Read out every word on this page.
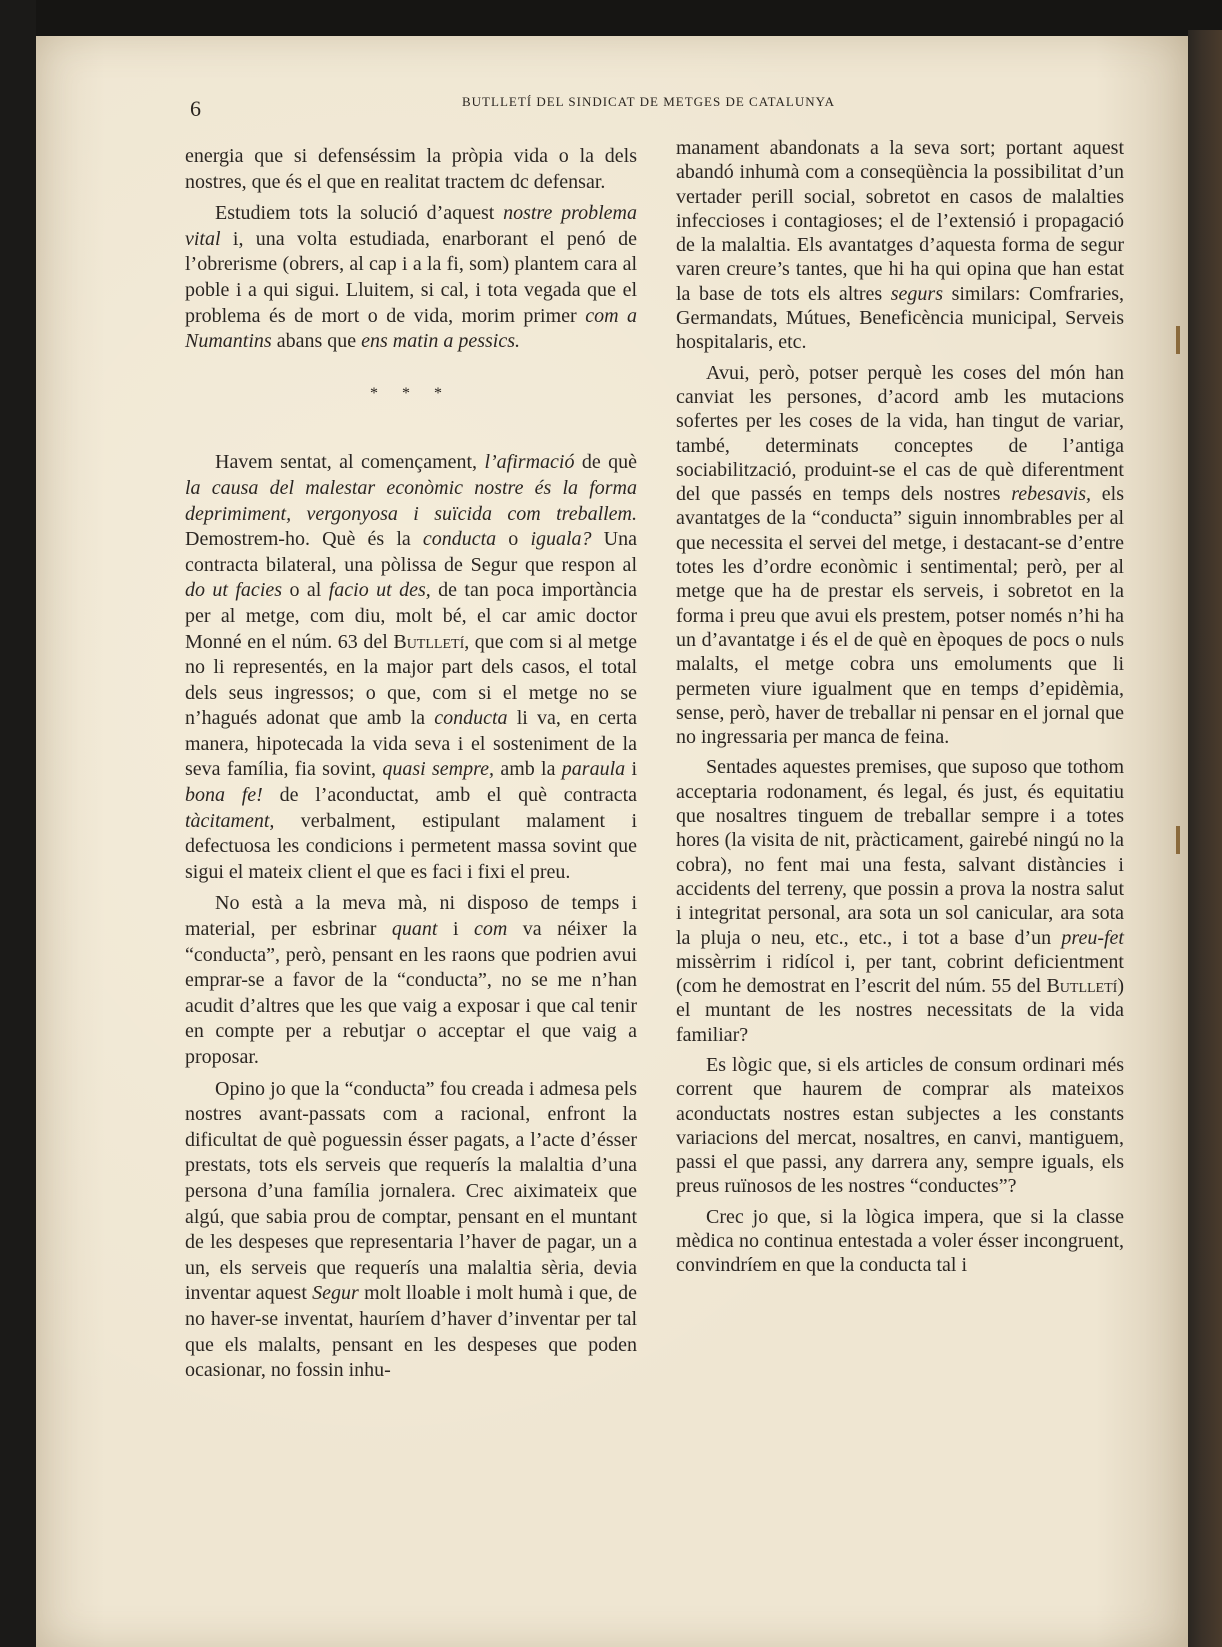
6	BUTLLETÍ DEL SINDICAT DE METGES DE CATALUNYA

energia que si defenséssim la pròpia vida o la dels nostres, que és el que en realitat tractem dc defensar.

Estudiem tots la solució d’aquest nostre problema vital i, una volta estudiada, enarborant el penó de l’obrerisme (obrers, al cap i a la fi, som) plantem cara al poble i a qui sigui. Lluitem, si cal, i tota vegada que el problema és de mort o de vida, morim primer com a Numantins abans que ens matin a pessics.

* * *

Havem sentat, al començament, l’afirmació de què la causa del malestar econòmic nostre és la forma deprimiment, vergonyosa i suïcida com treballem. Demostrem-ho. Què és la conducta o iguala? Una contracta bilateral, una pòlissa de Segur que respon al do ut facies o al facio ut des, de tan poca importància per al metge, com diu, molt bé, el car amic doctor Monné en el núm. 63 del Butlletí, que com si al metge no li representés, en la major part dels casos, el total dels seus ingressos; o que, com si el metge no se n’hagués adonat que amb la conducta li va, en certa manera, hipotecada la vida seva i el sosteniment de la seva família, fia sovint, quasi sempre, amb la paraula i bona fe! de l’aconductat, amb el què contracta tàcitament, verbalment, estipulant malament i defectuosa les condicions i permetent massa sovint que sigui el mateix client el que es faci i fixi el preu.

No està a la meva mà, ni disposo de temps i material, per esbrinar quant i com va néixer la “conducta”, però, pensant en les raons que podrien avui emprar-se a favor de la “conducta”, no se me n’han acudit d’altres que les que vaig a exposar i que cal tenir en compte per a rebutjar o acceptar el que vaig a proposar.

Opino jo que la “conducta” fou creada i admesa pels nostres avant-passats com a racional, enfront la dificultat de què poguessin ésser pagats, a l’acte d’ésser prestats, tots els serveis que requerís la malaltia d’una persona d’una família jornalera. Crec aiximateix que algú, que sabia prou de comptar, pensant en el muntant de les despeses que representaria l’haver de pagar, un a un, els serveis que requerís una malaltia sèria, devia inventar aquest Segur molt lloable i molt humà i que, de no haver-se inventat, hauríem d’haver d’inventar per tal que els malalts, pensant en les despeses que poden ocasionar, no fossin inhu-

manament abandonats a la seva sort; portant aquest abandó inhumà com a conseqüència la possibilitat d’un vertader perill social, sobretot en casos de malalties infeccioses i contagioses; el de l’extensió i propagació de la malaltia. Els avantatges d’aquesta forma de segur varen creure’s tantes, que hi ha qui opina que han estat la base de tots els altres segurs similars: Comfraries, Germandats, Mútues, Beneficència municipal, Serveis hospitalaris, etc.

Avui, però, potser perquè les coses del món han canviat les persones, d’acord amb les mutacions sofertes per les coses de la vida, han tingut de variar, també, determinats conceptes de l’antiga sociabilització, produint-se el cas de què diferentment del que passés en temps dels nostres rebesavis, els avantatges de la “conducta” siguin innombrables per al que necessita el servei del metge, i destacant-se d’entre totes les d’ordre econòmic i sentimental; però, per al metge que ha de prestar els serveis, i sobretot en la forma i preu que avui els prestem, potser només n’hi ha un d’avantatge i és el de què en èpoques de pocs o nuls malalts, el metge cobra uns emoluments que li permeten viure igualment que en temps d’epidèmia, sense, però, haver de treballar ni pensar en el jornal que no ingressaria per manca de feina.

Sentades aquestes premises, que suposo que tothom acceptaria rodonament, és legal, és just, és equitatiu que nosaltres tinguem de treballar sempre i a totes hores (la visita de nit, pràcticament, gairebé ningú no la cobra), no fent mai una festa, salvant distàncies i accidents del terreny, que possin a prova la nostra salut i integritat personal, ara sota un sol canicular, ara sota la pluja o neu, etc., etc., i tot a base d’un preu-fet missèrrim i ridícol i, per tant, cobrint deficientment (com he demostrat en l’escrit del núm. 55 del Butlletí) el muntant de les nostres necessitats de la vida familiar?

Es lògic que, si els articles de consum ordinari més corrent que haurem de comprar als mateixos aconductats nostres estan subjectes a les constants variacions del mercat, nosaltres, en canvi, mantiguem, passi el que passi, any darrera any, sempre iguals, els preus ruïnosos de les nostres “conductes”?

Crec jo que, si la lògica impera, que si la classe mèdica no continua entestada a voler ésser incongruent, convindríem en que la conducta tal i
